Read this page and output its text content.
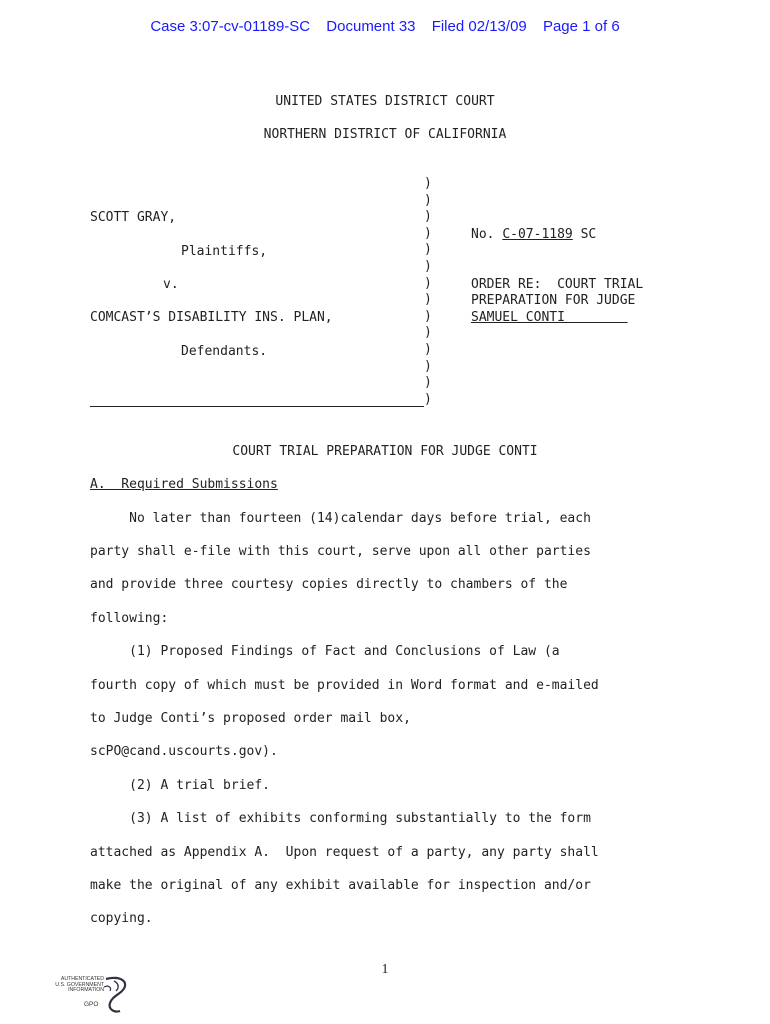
Case 3:07-cv-01189-SC Document 33 Filed 02/13/09 Page 1 of 6
UNITED STATES DISTRICT COURT
NORTHERN DISTRICT OF CALIFORNIA
SCOTT GRAY,
Plaintiffs,
v.
COMCAST’S DISABILITY INS. PLAN,
Defendants.
)
)
)
)
)
)
)
)
)
)
)
)
)
)
No. C-07-1189 SC
ORDER RE:  COURT TRIAL
PREPARATION FOR JUDGE
SAMUEL CONTI
COURT TRIAL PREPARATION FOR JUDGE CONTI
A.  Required Submissions
No later than fourteen (14)calendar days before trial, each
party shall e-file with this court, serve upon all other parties
and provide three courtesy copies directly to chambers of the
following:
(1) Proposed Findings of Fact and Conclusions of Law (a
fourth copy of which must be provided in Word format and e-mailed
to Judge Conti’s proposed order mail box,
scPO@cand.uscourts.gov).
(2) A trial brief.
(3) A list of exhibits conforming substantially to the form
attached as Appendix A.  Upon request of a party, any party shall
make the original of any exhibit available for inspection and/or
copying.
1
AUTHENTICATED
U.S. GOVERNMENT
INFORMATION
GPO
